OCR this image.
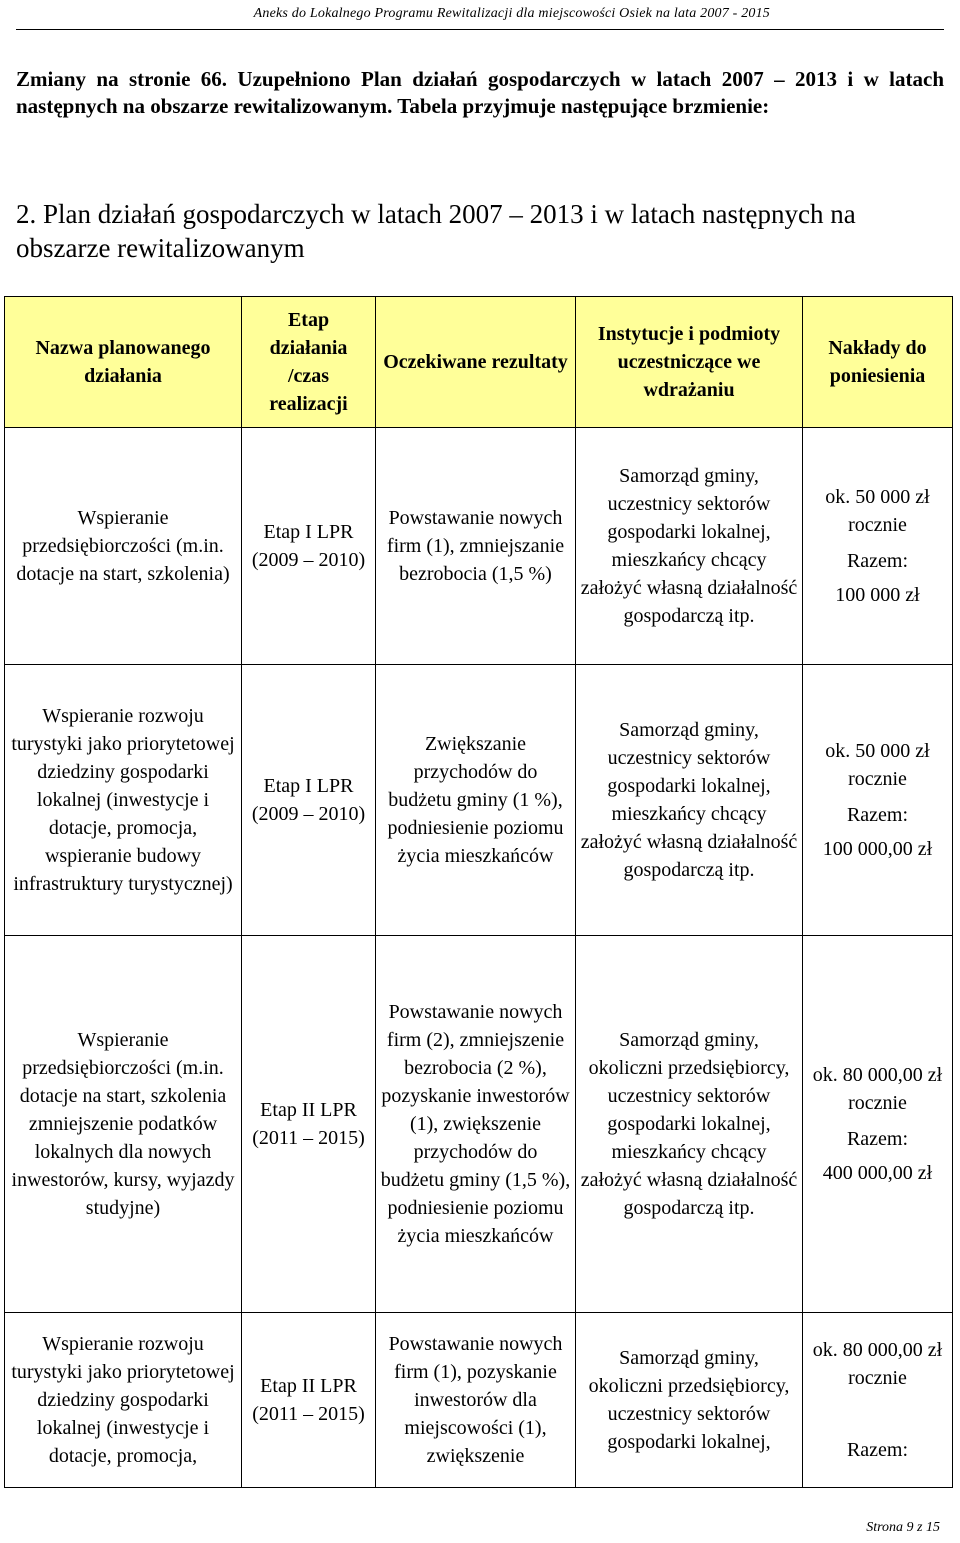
Aneks do Lokalnego Programu Rewitalizacji dla miejscowości Osiek na lata 2007 - 2015
Zmiany na stronie 66. Uzupełniono Plan działań gospodarczych w latach 2007 – 2013 i w latach następnych na obszarze rewitalizowanym. Tabela przyjmuje następujące brzmienie:
2. Plan działań gospodarczych w latach 2007 – 2013 i w latach następnych na obszarze rewitalizowanym
Nazwa planowanego działania	Etap działania /czas realizacji	Oczekiwane rezultaty	Instytucje i podmioty uczestniczące we wdrażaniu	Nakłady do poniesienia
Wspieranie przedsiębiorczości (m.in. dotacje na start, szkolenia)	Etap I LPR (2009 – 2010)	Powstawanie nowych firm (1), zmniejszanie bezrobocia (1,5 %)	Samorząd gminy, uczestnicy sektorów gospodarki lokalnej, mieszkańcy chcący założyć własną działalność gospodarczą itp.	ok. 50 000 zł rocznie
Razem:
100 000 zł

Wspieranie rozwoju turystyki jako priorytetowej dziedziny gospodarki lokalnej (inwestycje i dotacje, promocja, wspieranie budowy infrastruktury turystycznej)	Etap I LPR (2009 – 2010)	Zwiększanie przychodów do budżetu gminy (1 %), podniesienie poziomu życia mieszkańców	Samorząd gminy, uczestnicy sektorów gospodarki lokalnej, mieszkańcy chcący założyć własną działalność gospodarczą itp.	ok. 50 000 zł rocznie
Razem:
100 000,00 zł

Wspieranie przedsiębiorczości (m.in. dotacje na start, szkolenia zmniejszenie podatków lokalnych dla nowych inwestorów, kursy, wyjazdy studyjne)	Etap II LPR (2011 – 2015)	Powstawanie nowych firm (2), zmniejszenie bezrobocia (2 %), pozyskanie inwestorów (1), zwiększenie przychodów do budżetu gminy (1,5 %), podniesienie poziomu życia mieszkańców	Samorząd gminy, okoliczni przedsiębiorcy, uczestnicy sektorów gospodarki lokalnej, mieszkańcy chcący założyć własną działalność gospodarczą itp.	ok. 80 000,00 zł rocznie
Razem:
400 000,00 zł

Wspieranie rozwoju turystyki jako priorytetowej dziedziny gospodarki lokalnej (inwestycje i dotacje, promocja,	Etap II LPR (2011 – 2015)	Powstawanie nowych firm (1), pozyskanie inwestorów dla miejscowości (1), zwiększenie	Samorząd gminy, okoliczni przedsiębiorcy, uczestnicy sektorów gospodarki lokalnej,	ok. 80 000,00 zł rocznie
Razem:
Strona 9 z 15
